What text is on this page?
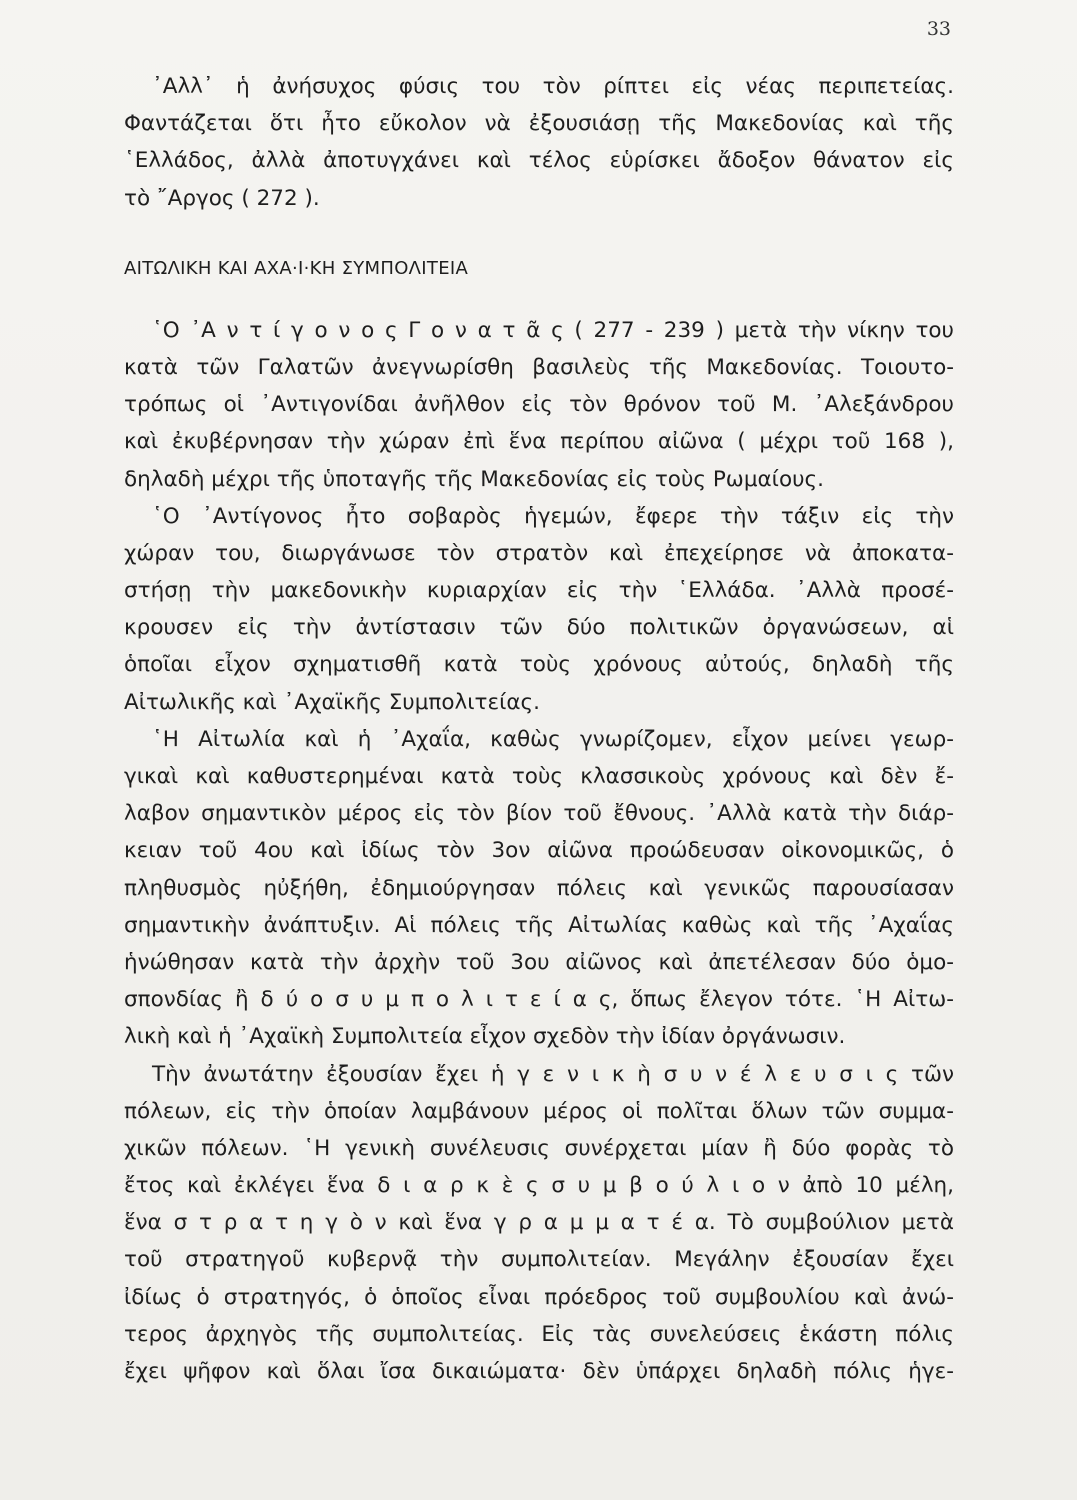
33
᾿Αλλ᾿ ἡ ἀνήσυχος φύσις του τὸν ρίπτει εἰς νέας περιπετείας.
Φαντάζεται ὅτι ἦτο εὔκολον νὰ ἐξουσιάσῃ τῆς Μακεδονίας καὶ τῆς
῾Ελλάδος, ἀλλὰ ἀποτυγχάνει καὶ τέλος εὑρίσκει ἄδοξον θάνατον εἰς
τὸ ῎Αργος ( 272 ).
ΑΙΤΩΛΙΚΗ ΚΑΙ ΑΧΑ·Ι·ΚΗ ΣΥΜΠΟΛΙΤΕΙΑ
῾Ο ᾿Α ν τ ί γ ο ν ο ς Γ ο ν α τ ᾶ ς ( 277 - 239 ) μετὰ τὴν νίκην του
κατὰ τῶν Γαλατῶν ἀνεγνωρίσθη βασιλεὺς τῆς Μακεδονίας. Τοιουτο-
τρόπως οἱ ᾿Αντιγονίδαι ἀνῆλθον εἰς τὸν θρόνον τοῦ Μ. ᾿Αλεξάνδρου
καὶ ἐκυβέρνησαν τὴν χώραν ἐπὶ ἕνα περίπου αἰῶνα ( μέχρι τοῦ 168 ),
δηλαδὴ μέχρι τῆς ὑποταγῆς τῆς Μακεδονίας εἰς τοὺς Ρωμαίους.
῾Ο ᾿Αντίγονος ἦτο σοβαρὸς ἡγεμών, ἔφερε τὴν τάξιν εἰς τὴν
χώραν του, διωργάνωσε τὸν στρατὸν καὶ ἐπεχείρησε νὰ ἀποκατα-
στήσῃ τὴν μακεδονικὴν κυριαρχίαν εἰς τὴν ῾Ελλάδα. ᾿Αλλὰ προσέ-
κρουσεν εἰς τὴν ἀντίστασιν τῶν δύο πολιτικῶν ὀργανώσεων, αἱ
ὁποῖαι εἶχον σχηματισθῆ κατὰ τοὺς χρόνους αὐτούς, δηλαδὴ τῆς
Αἰτωλικῆς καὶ ᾿Αχαϊκῆς Συμπολιτείας.
῾Η Αἰτωλία καὶ ἡ ᾿Αχαΐα, καθὼς γνωρίζομεν, εἶχον μείνει γεωρ-
γικαὶ καὶ καθυστερημέναι κατὰ τοὺς κλασσικοὺς χρόνους καὶ δὲν ἔ-
λαβον σημαντικὸν μέρος εἰς τὸν βίον τοῦ ἔθνους. ᾿Αλλὰ κατὰ τὴν διάρ-
κειαν τοῦ 4ου καὶ ἰδίως τὸν 3ον αἰῶνα προώδευσαν οἰκονομικῶς, ὁ
πληθυσμὸς ηὐξήθη, ἐδημιούργησαν πόλεις καὶ γενικῶς παρουσίασαν
σημαντικὴν ἀνάπτυξιν. Αἱ πόλεις τῆς Αἰτωλίας καθὼς καὶ τῆς ᾿Αχαΐας
ἡνώθησαν κατὰ τὴν ἀρχὴν τοῦ 3ου αἰῶνος καὶ ἀπετέλεσαν δύο ὁμο-
σπονδίας ἢ δ ύ ο σ υ μ π ο λ ι τ ε ί α ς, ὅπως ἔλεγον τότε. ῾Η Αἰτω-
λικὴ καὶ ἡ ᾿Αχαϊκὴ Συμπολιτεία εἶχον σχεδὸν τὴν ἰδίαν ὀργάνωσιν.
Τὴν ἀνωτάτην ἐξουσίαν ἔχει ἡ γ ε ν ι κ ὴ σ υ ν έ λ ε υ σ ι ς τῶν
πόλεων, εἰς τὴν ὁποίαν λαμβάνουν μέρος οἱ πολῖται ὅλων τῶν συμμα-
χικῶν πόλεων. ῾Η γενικὴ συνέλευσις συνέρχεται μίαν ἢ δύο φορὰς τὸ
ἔτος καὶ ἐκλέγει ἕνα δ ι α ρ κ ὲ ς σ υ μ β ο ύ λ ι ο ν ἀπὸ 10 μέλη,
ἕνα σ τ ρ α τ η γ ὸ ν καὶ ἕνα γ ρ α μ μ α τ έ α. Τὸ συμβούλιον μετὰ
τοῦ στρατηγοῦ κυβερνᾷ τὴν συμπολιτείαν. Μεγάλην ἐξουσίαν ἔχει
ἰδίως ὁ στρατηγός, ὁ ὁποῖος εἶναι πρόεδρος τοῦ συμβουλίου καὶ ἀνώ-
τερος ἀρχηγὸς τῆς συμπολιτείας. Εἰς τὰς συνελεύσεις ἑκάστη πόλις
ἔχει ψῆφον καὶ ὅλαι ἴσα δικαιώματα· δὲν ὑπάρχει δηλαδὴ πόλις ἡγε-
